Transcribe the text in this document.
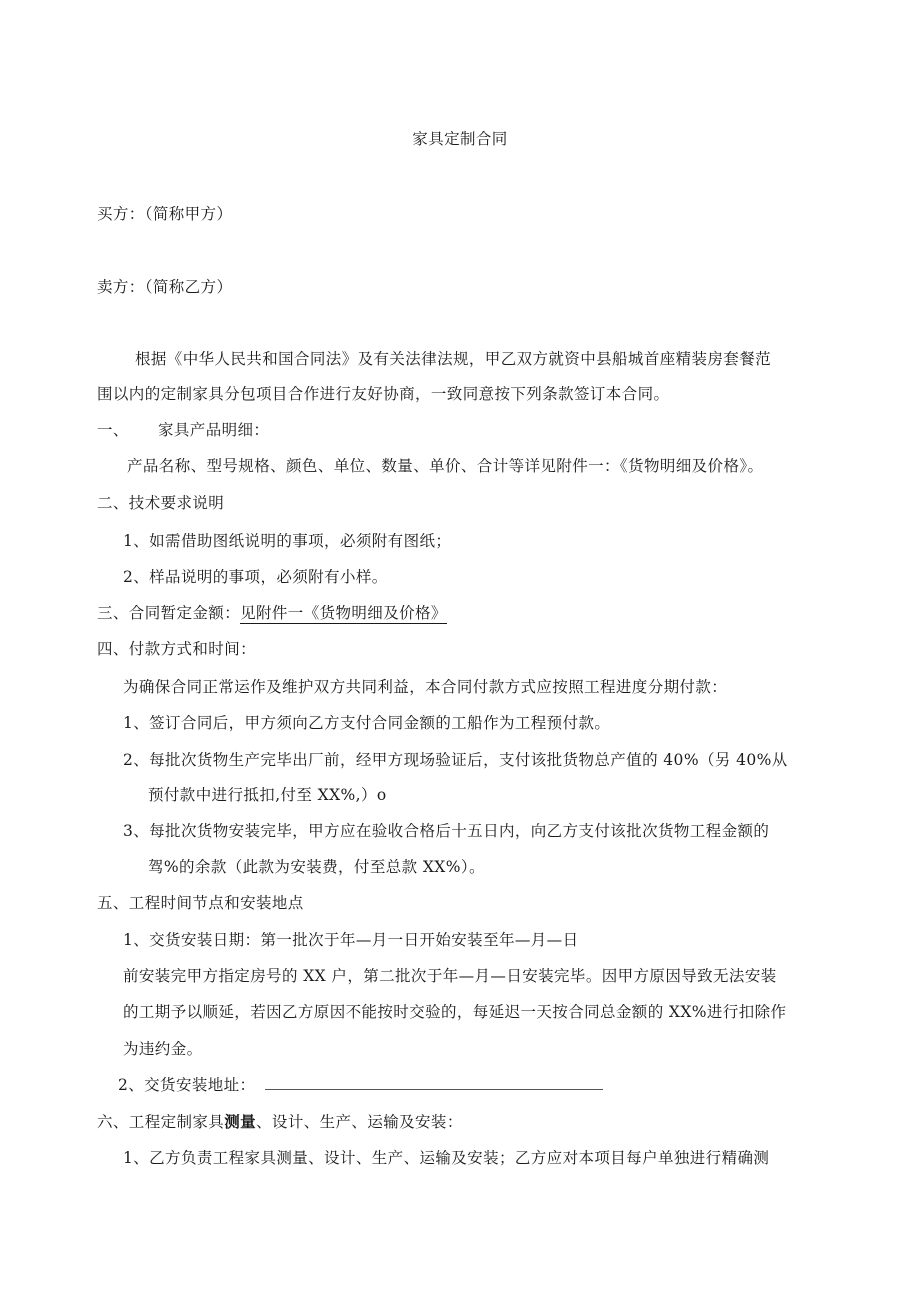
家具定制合同
买方：（简称甲方）
卖方：（简称乙方）
根据《中华人民共和国合同法》及有关法律法规，甲乙双方就资中县船城首座精装房套餐范
围以内的定制家具分包项目合作进行友好协商，一致同意按下列条款签订本合同。
一、 家具产品明细：
产品名称、型号规格、颜色、单位、数量、单价、合计等详见附件一：《货物明细及价格》。
二、技术要求说明
1、如需借助图纸说明的事项，必须附有图纸；
2、样品说明的事项，必须附有小样。
三、合同暂定金额：见附件一《货物明细及价格》
四、付款方式和时间：
为确保合同正常运作及维护双方共同利益，本合同付款方式应按照工程进度分期付款：
1、签订合同后，甲方须向乙方支付合同金额的工船作为工程预付款。
2、每批次货物生产完毕出厂前，经甲方现场验证后，支付该批货物总产值的 40%（另 40%从
预付款中进行抵扣,付至 XX%,）o
3、每批次货物安装完毕，甲方应在验收合格后十五日内，向乙方支付该批次货物工程金额的
驾%的余款（此款为安装费，付至总款 XX%）。
五、工程时间节点和安装地点
1、交货安装日期：第一批次于年—月一日开始安装至年—月—日
前安装完甲方指定房号的 XX 户，第二批次于年—月—日安装完毕。因甲方原因导致无法安装
的工期予以顺延，若因乙方原因不能按时交验的，每延迟一天按合同总金额的 XX%进行扣除作
为违约金。
2、交货安装地址：
六、工程定制家具测量、设计、生产、运输及安装：
1、乙方负责工程家具测量、设计、生产、运输及安装；乙方应对本项目每户单独进行精确测
